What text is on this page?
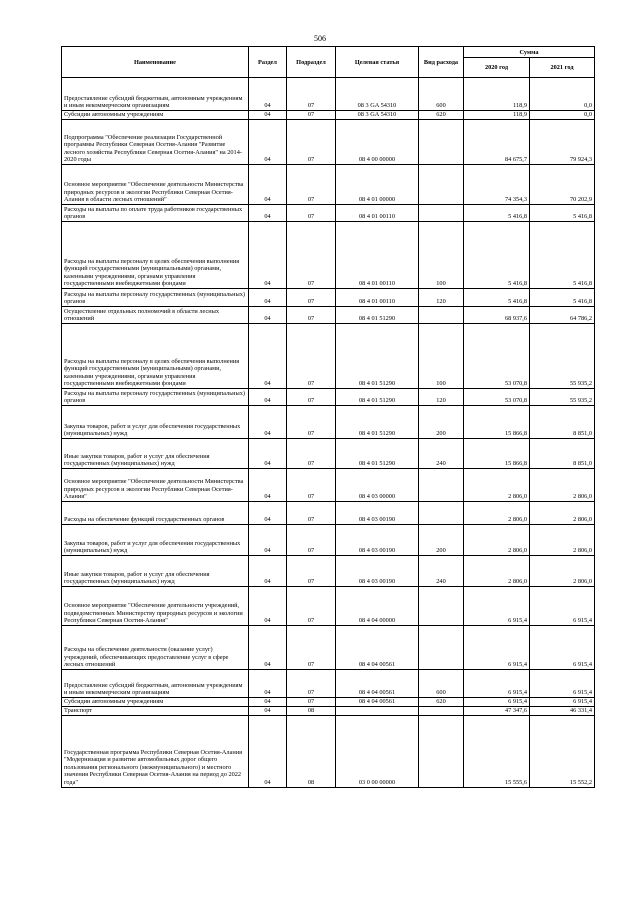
506
Наименование	Раздел	Подраздел	Целевая статья	Вид расхода	Сумма	
					2020 год	2021 год
Предоставление субсидий бюджетным, автономным учреждениям и иным некоммерческим организациям	04	07	08 3 GA 54310	600	118,9	0,0
Субсидии автономным учреждениям	04	07	08 3 GA 54310	620	118,9	0,0
Подпрограмма "Обеспечение реализации Государственной программы Республики Северная Осетия-Алания "Развитие лесного хозяйства Республики Северная Осетия-Алания" на 2014-2020 годы	04	07	08 4 00 00000		84 675,7	79 924,3
Основное мероприятие "Обеспечение деятельности Министерства природных ресурсов и экологии Республики Северная Осетия-Алания в области лесных отношений"	04	07	08 4 01 00000		74 354,3	70 202,9
Расходы на выплаты по оплате труда работников государственных органов	04	07	08 4 01 00110		5 416,8	5 416,8
Расходы на выплаты персоналу в целях обеспечения выполнения функций государственными (муниципальными) органами, казенными учреждениями, органами управления государственными внебюджетными фондами	04	07	08 4 01 00110	100	5 416,8	5 416,8
Расходы на выплаты персоналу государственных (муниципальных) органов	04	07	08 4 01 00110	120	5 416,8	5 416,8
Осуществление отдельных полномочий в области лесных отношений	04	07	08 4 01 51290		68 937,6	64 786,2
Расходы на выплаты персоналу в целях обеспечения выполнения функций государственными (муниципальными) органами, казенными учреждениями, органами управления государственными внебюджетными фондами	04	07	08 4 01 51290	100	53 070,8	55 935,2
Расходы на выплаты персоналу государственных (муниципальных) органов	04	07	08 4 01 51290	120	53 070,8	55 935,2
Закупка товаров, работ и услуг для обеспечения государственных (муниципальных) нужд	04	07	08 4 01 51290	200	15 866,8	8 851,0
Иные закупки товаров, работ и услуг для обеспечения государственных (муниципальных) нужд	04	07	08 4 01 51290	240	15 866,8	8 851,0
Основное мероприятие "Обеспечение деятельности Министерства природных ресурсов и экологии Республики Северная Осетия-Алания"	04	07	08 4 03 00000		2 806,0	2 806,0
Расходы на обеспечение функций государственных органов	04	07	08 4 03 00190		2 806,0	2 806,0
Закупка товаров, работ и услуг для обеспечения государственных (муниципальных) нужд	04	07	08 4 03 00190	200	2 806,0	2 806,0
Иные закупки товаров, работ и услуг для обеспечения государственных (муниципальных) нужд	04	07	08 4 03 00190	240	2 806,0	2 806,0
Основное мероприятие "Обеспечение деятельности учреждений, подведомственных Министерству природных ресурсов и экологии Республики Северная Осетия-Алания"	04	07	08 4 04 00000		6 915,4	6 915,4
Расходы на обеспечение деятельности (оказание услуг) учреждений, обеспечивающих предоставление услуг в сфере лесных отношений	04	07	08 4 04 00561		6 915,4	6 915,4
Предоставление субсидий бюджетным, автономным учреждениям и иным некоммерческим организациям	04	07	08 4 04 00561	600	6 915,4	6 915,4
Субсидии автономным учреждениям	04	07	08 4 04 00561	620	6 915,4	6 915,4
Транспорт	04	08			47 347,6	46 331,4
Государственная программа Республики Северная Осетия-Алания "Модернизация и развитие автомобильных дорог общего пользования регионального (межмуниципального) и местного значения Республики Северная Осетия-Алания на период до 2022 года"	04	08	03 0 00 00000		15 555,6	15 552,2
